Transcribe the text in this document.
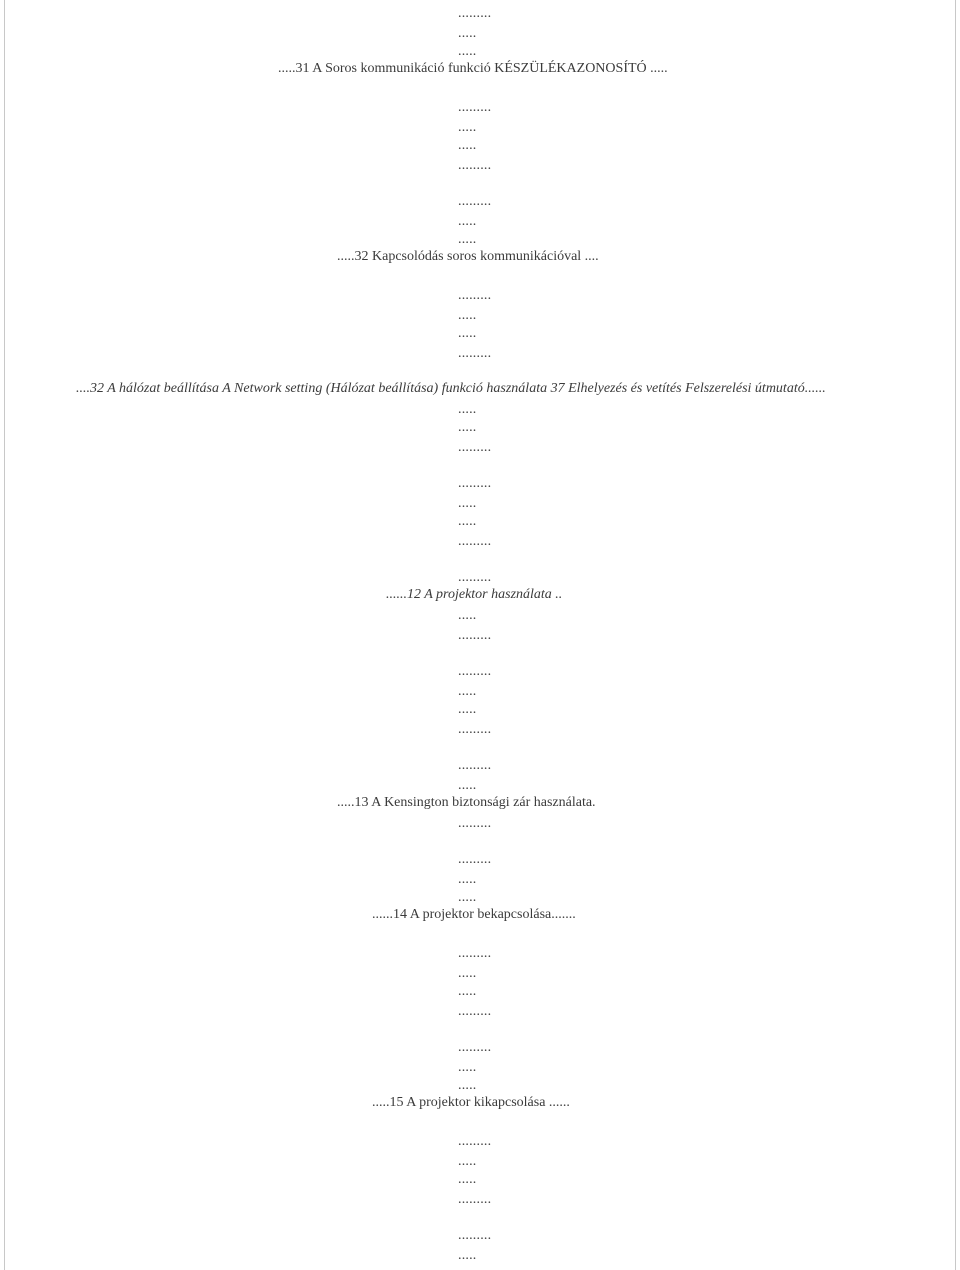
.........
.....
.....
.....31 A Soros kommunikáció funkció KÉSZÜLÉKAZONOSÍTÓ .....
.........
.....
.....
.........
.........
.....
.....
.....32 Kapcsolódás soros kommunikációval ....
.........
.....
.....
.........
....32 A hálózat beállítása A Network setting (Hálózat beállítása) funkció használata 37 Elhelyezés és vetítés Felszerelési útmutató......
.....
.....
.........
.........
.....
.....
.........
.........
......12 A projektor használata ..
.....
.........
.........
.....
.....
.........
.........
.....
.....13 A Kensington biztonsági zár használata.
.........
.........
.....
.....
......14 A projektor bekapcsolása.......
.........
.....
.....
.........
.........
.....
.....
.....15 A projektor kikapcsolása ......
.........
.....
.....
.........
.........
.....
